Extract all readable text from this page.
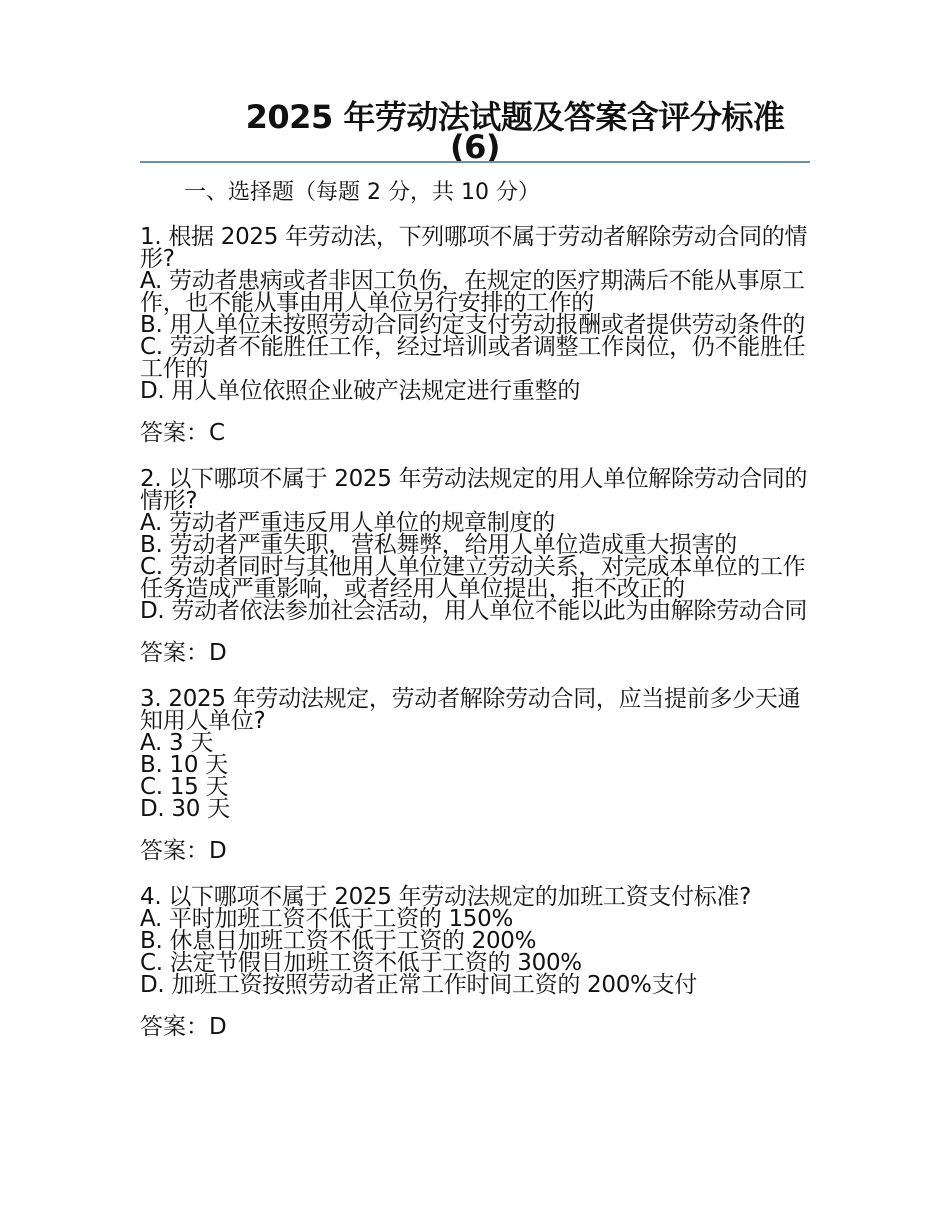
2025 年劳动法试题及答案含评分标准
(6)
一、选择题（每题 2 分，共 10 分）
1. 根据 2025 年劳动法，下列哪项不属于劳动者解除劳动合同的情形?
A. 劳动者患病或者非因工负伤，在规定的医疗期满后不能从事原工作，也不能从事由用人单位另行安排的工作的
B. 用人单位未按照劳动合同约定支付劳动报酬或者提供劳动条件的
C. 劳动者不能胜任工作，经过培训或者调整工作岗位，仍不能胜任工作的
D. 用人单位依照企业破产法规定进行重整的
答案：C
2. 以下哪项不属于 2025 年劳动法规定的用人单位解除劳动合同的情形?
A. 劳动者严重违反用人单位的规章制度的
B. 劳动者严重失职，营私舞弊，给用人单位造成重大损害的
C. 劳动者同时与其他用人单位建立劳动关系，对完成本单位的工作任务造成严重影响，或者经用人单位提出，拒不改正的
D. 劳动者依法参加社会活动，用人单位不能以此为由解除劳动合同
答案：D
3. 2025 年劳动法规定，劳动者解除劳动合同，应当提前多少天通知用人单位?
A. 3 天
B. 10 天
C. 15 天
D. 30 天
答案：D
4. 以下哪项不属于 2025 年劳动法规定的加班工资支付标准?
A. 平时加班工资不低于工资的 150%
B. 休息日加班工资不低于工资的 200%
C. 法定节假日加班工资不低于工资的 300%
D. 加班工资按照劳动者正常工作时间工资的 200%支付
答案：D
